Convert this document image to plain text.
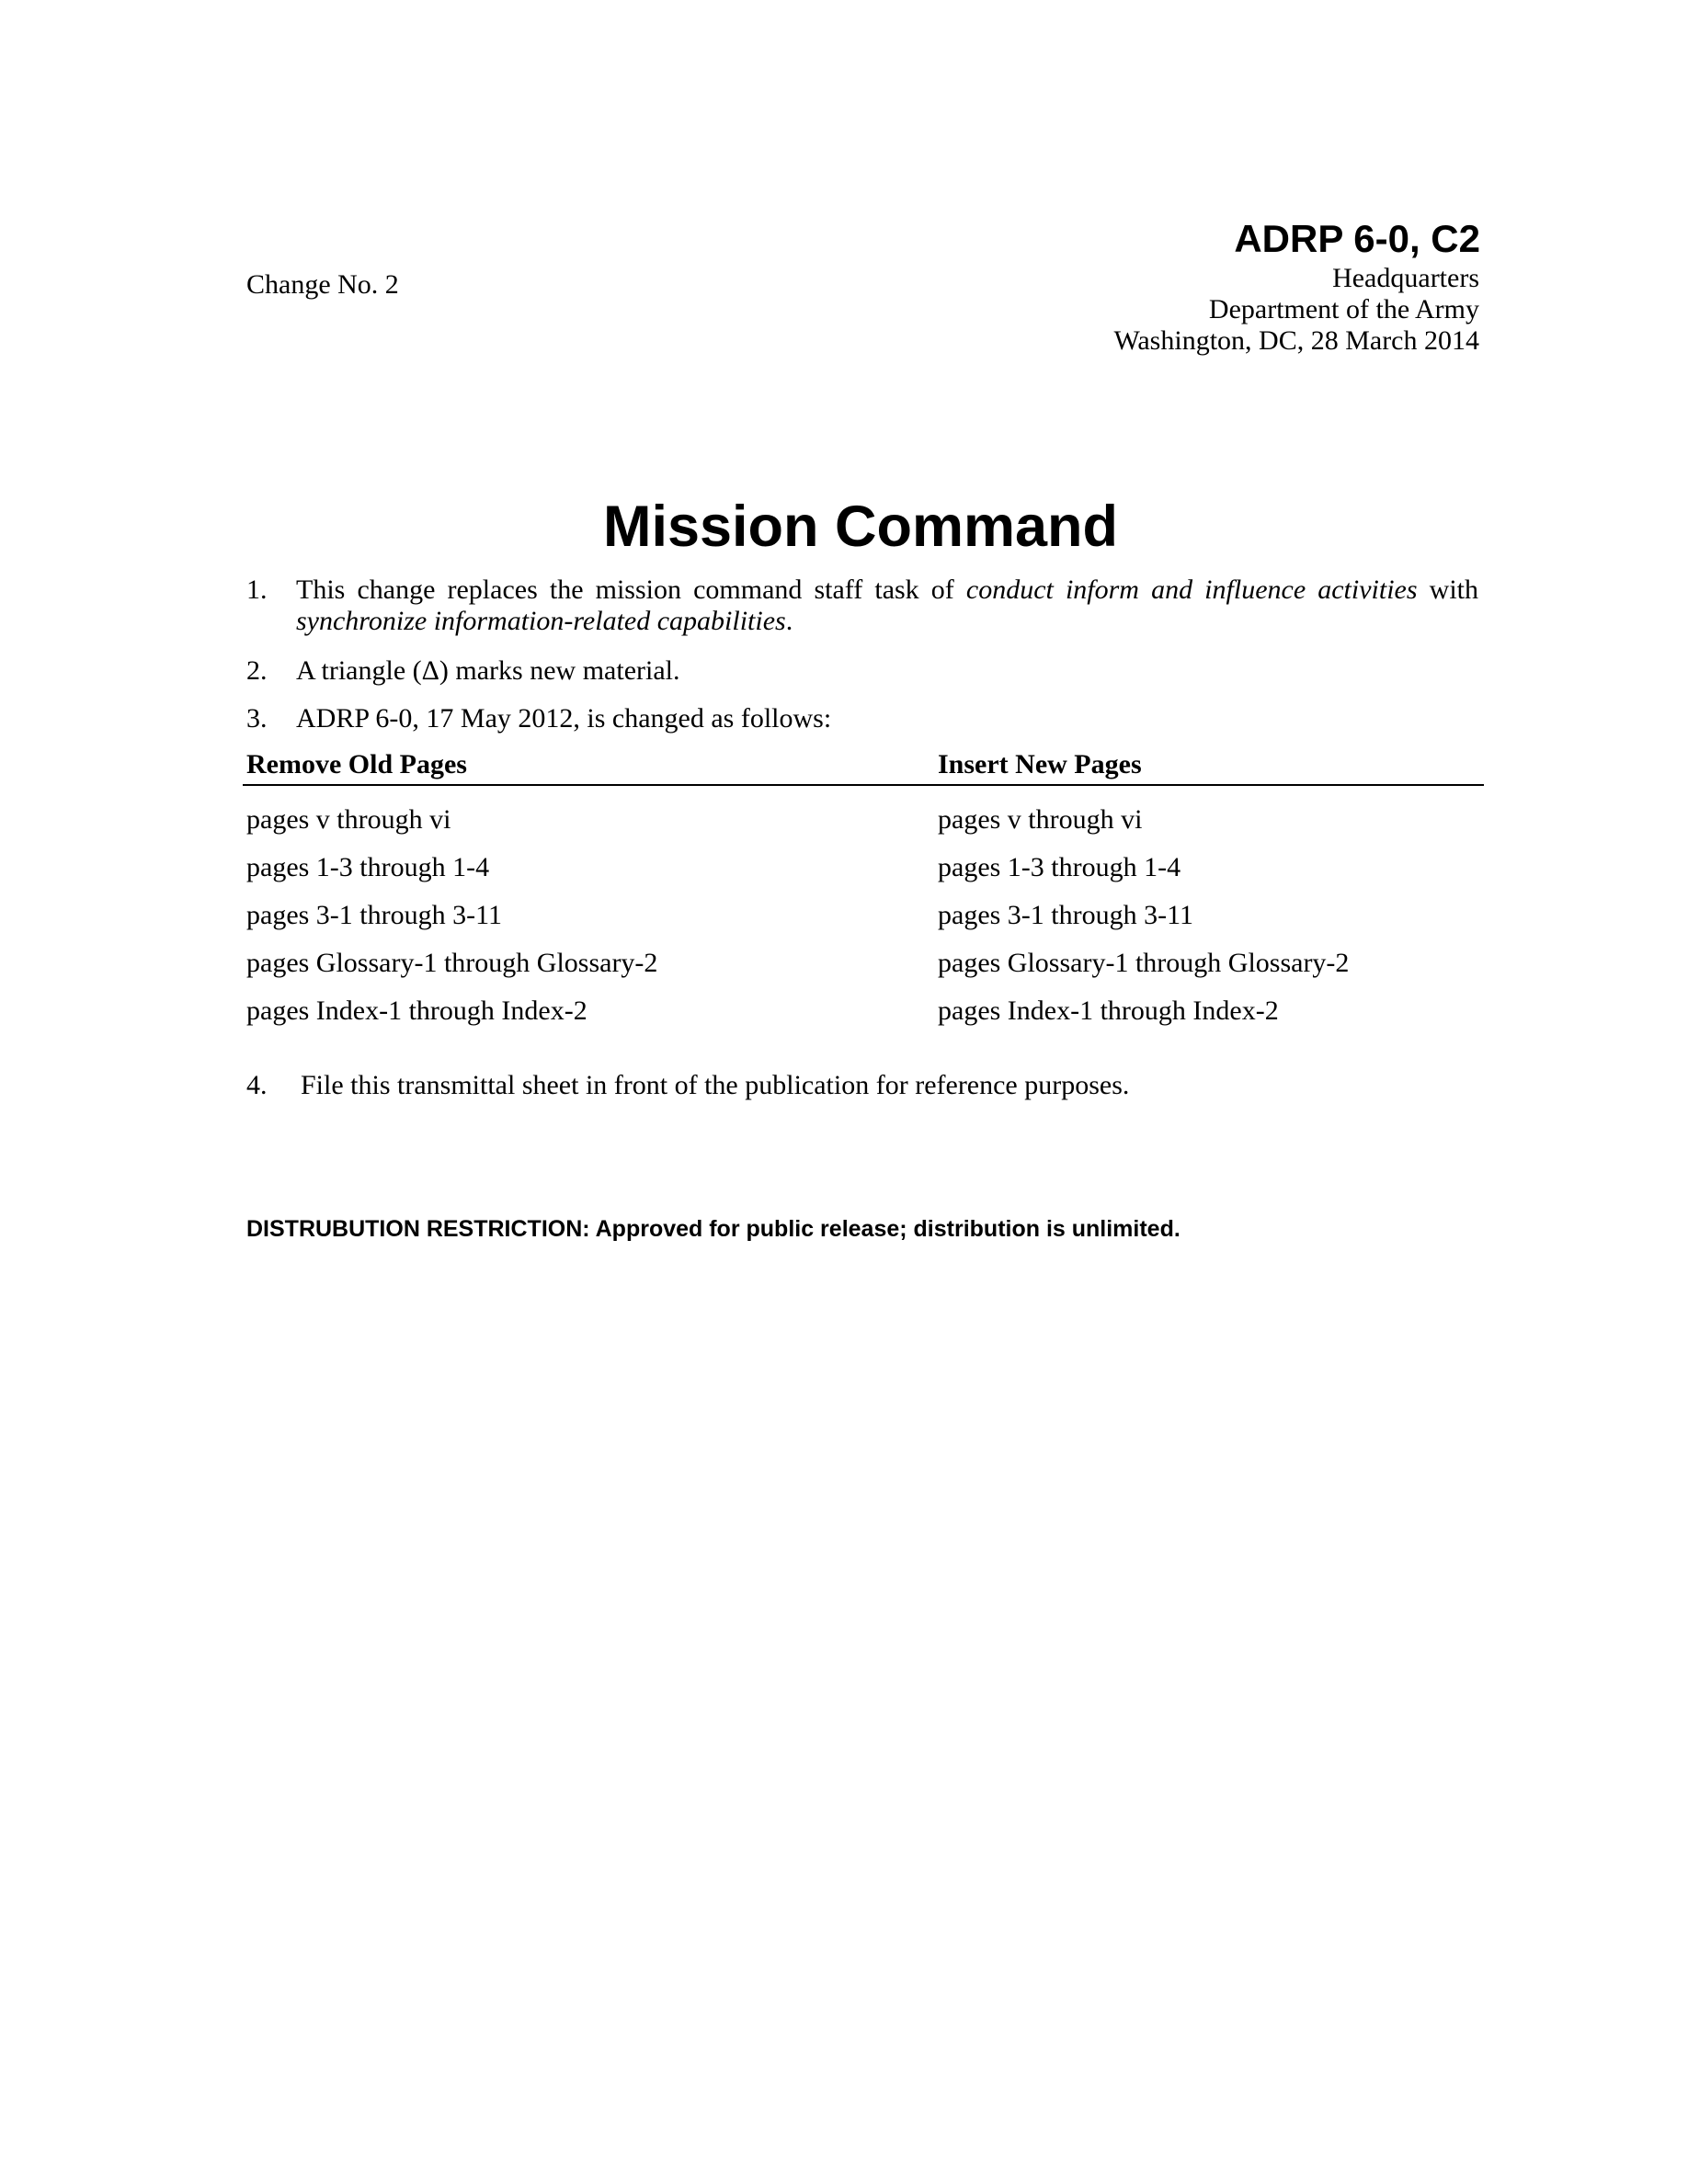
ADRP 6-0, C2
Change No. 2	Headquarters
Department of the Army
Washington, DC, 28 March 2014
Mission Command
1. This change replaces the mission command staff task of conduct inform and influence activities with synchronize information-related capabilities.
2. A triangle (Δ) marks new material.
3. ADRP 6-0, 17 May 2012, is changed as follows:
Remove Old Pages	Insert New Pages
pages v through vi	pages v through vi
pages 1-3 through 1-4	pages 1-3 through 1-4
pages 3-1 through 3-11	pages 3-1 through 3-11
pages Glossary-1 through Glossary-2	pages Glossary-1 through Glossary-2
pages Index-1 through Index-2	pages Index-1 through Index-2
4. File this transmittal sheet in front of the publication for reference purposes.
DISTRUBUTION RESTRICTION: Approved for public release; distribution is unlimited.
